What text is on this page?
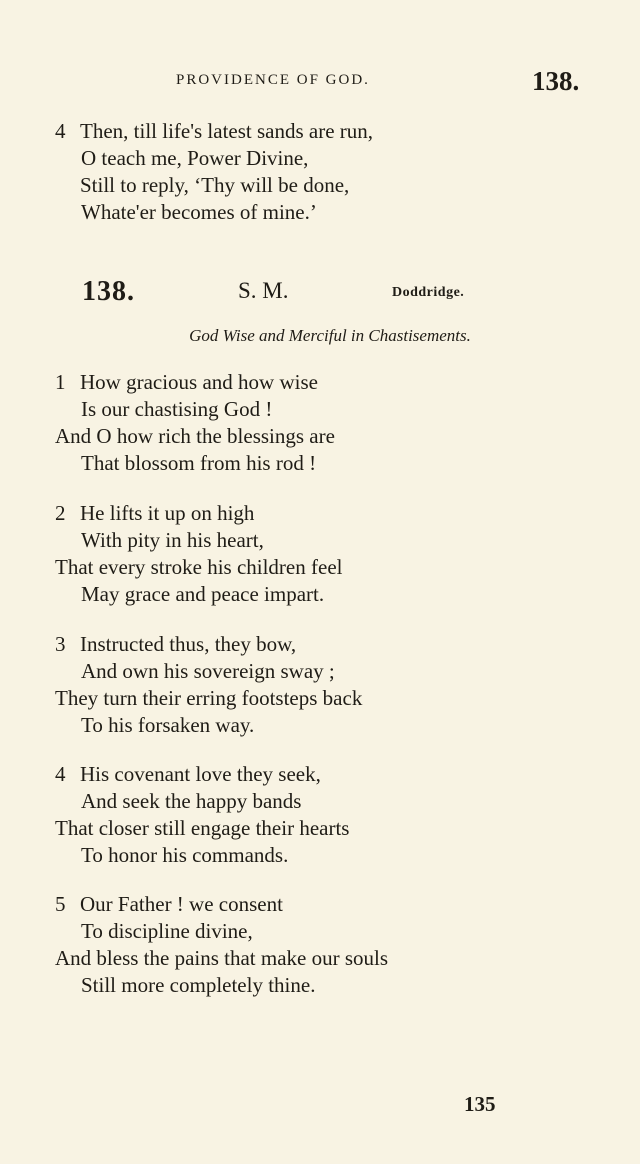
PROVIDENCE OF GOD.	138.
4 Then, till life's latest sands are run,
O teach me, Power Divine,
Still to reply, ‘Thy will be done,
Whate'er becomes of mine.’
138.	S. M.	Doddridge.
God Wise and Merciful in Chastisements.
1 How gracious and how wise
Is our chastising God !
And O how rich the blessings are
That blossom from his rod !
2 He lifts it up on high
With pity in his heart,
That every stroke his children feel
May grace and peace impart.
3 Instructed thus, they bow,
And own his sovereign sway ;
They turn their erring footsteps back
To his forsaken way.
4 His covenant love they seek,
And seek the happy bands
That closer still engage their hearts
To honor his commands.
5 Our Father ! we consent
To discipline divine,
And bless the pains that make our souls
Still more completely thine.
135
